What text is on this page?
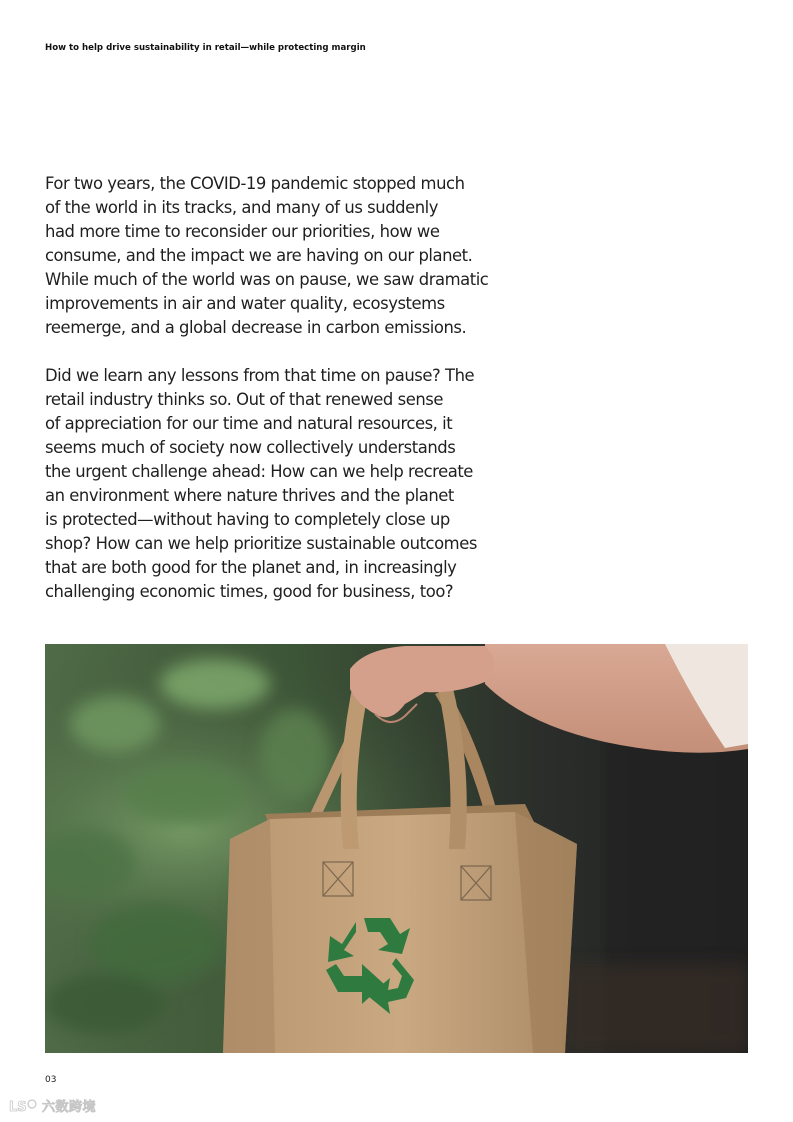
How to help drive sustainability in retail—while protecting margin

For two years, the COVID-19 pandemic stopped much
of the world in its tracks, and many of us suddenly
had more time to reconsider our priorities, how we
consume, and the impact we are having on our planet.
While much of the world was on pause, we saw dramatic
improvements in air and water quality, ecosystems
reemerge, and a global decrease in carbon emissions.

Did we learn any lessons from that time on pause? The
retail industry thinks so. Out of that renewed sense
of appreciation for our time and natural resources, it
seems much of society now collectively understands
the urgent challenge ahead: How can we help recreate
an environment where nature thrives and the planet
is protected—without having to completely close up
shop? How can we help prioritize sustainable outcomes
that are both good for the planet and, in increasingly
challenging economic times, good for business, too?

03
LS 六数跨境
